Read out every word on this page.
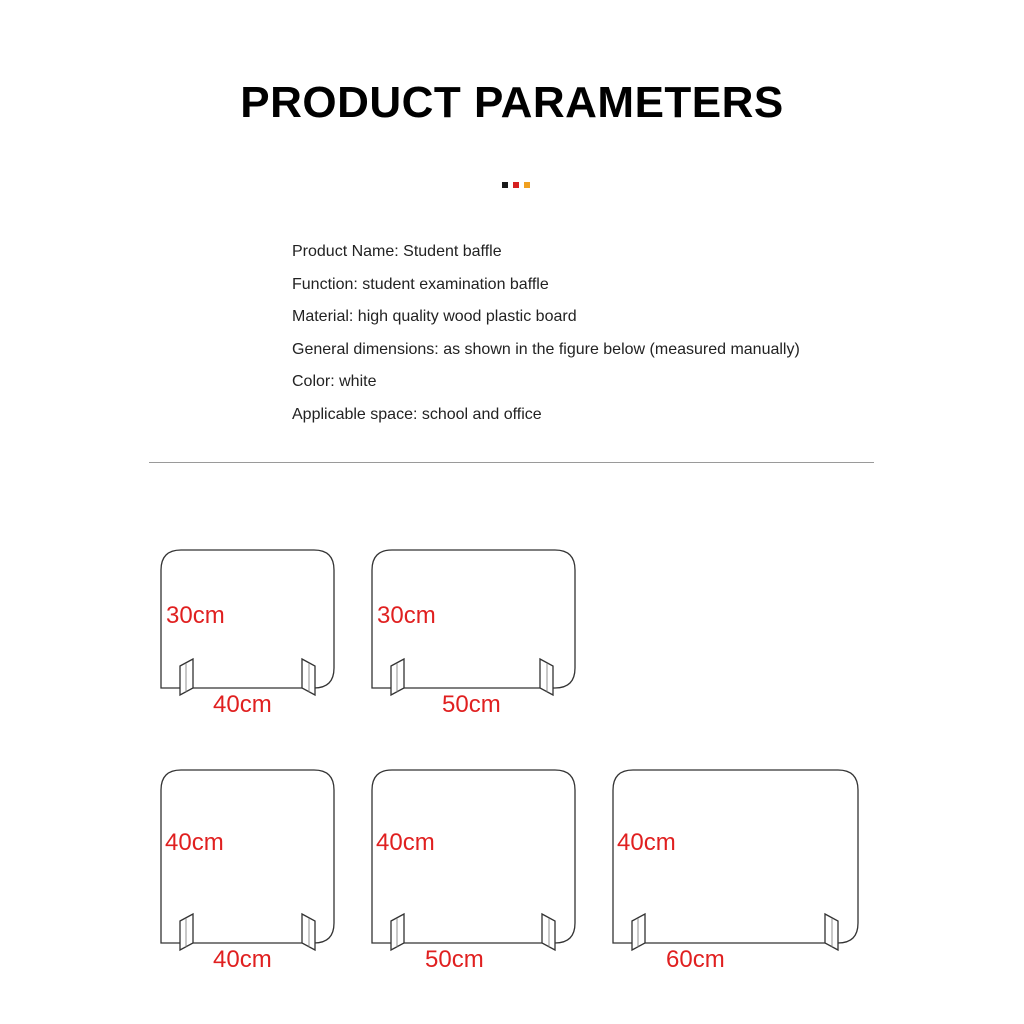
PRODUCT PARAMETERS
Product Name: Student baffle
Function: student examination baffle
Material: high quality wood plastic board
General dimensions: as shown in the figure below (measured manually)
Color: white
Applicable space: school and office
30cm
40cm
30cm
50cm
40cm
40cm
40cm
50cm
40cm
60cm
